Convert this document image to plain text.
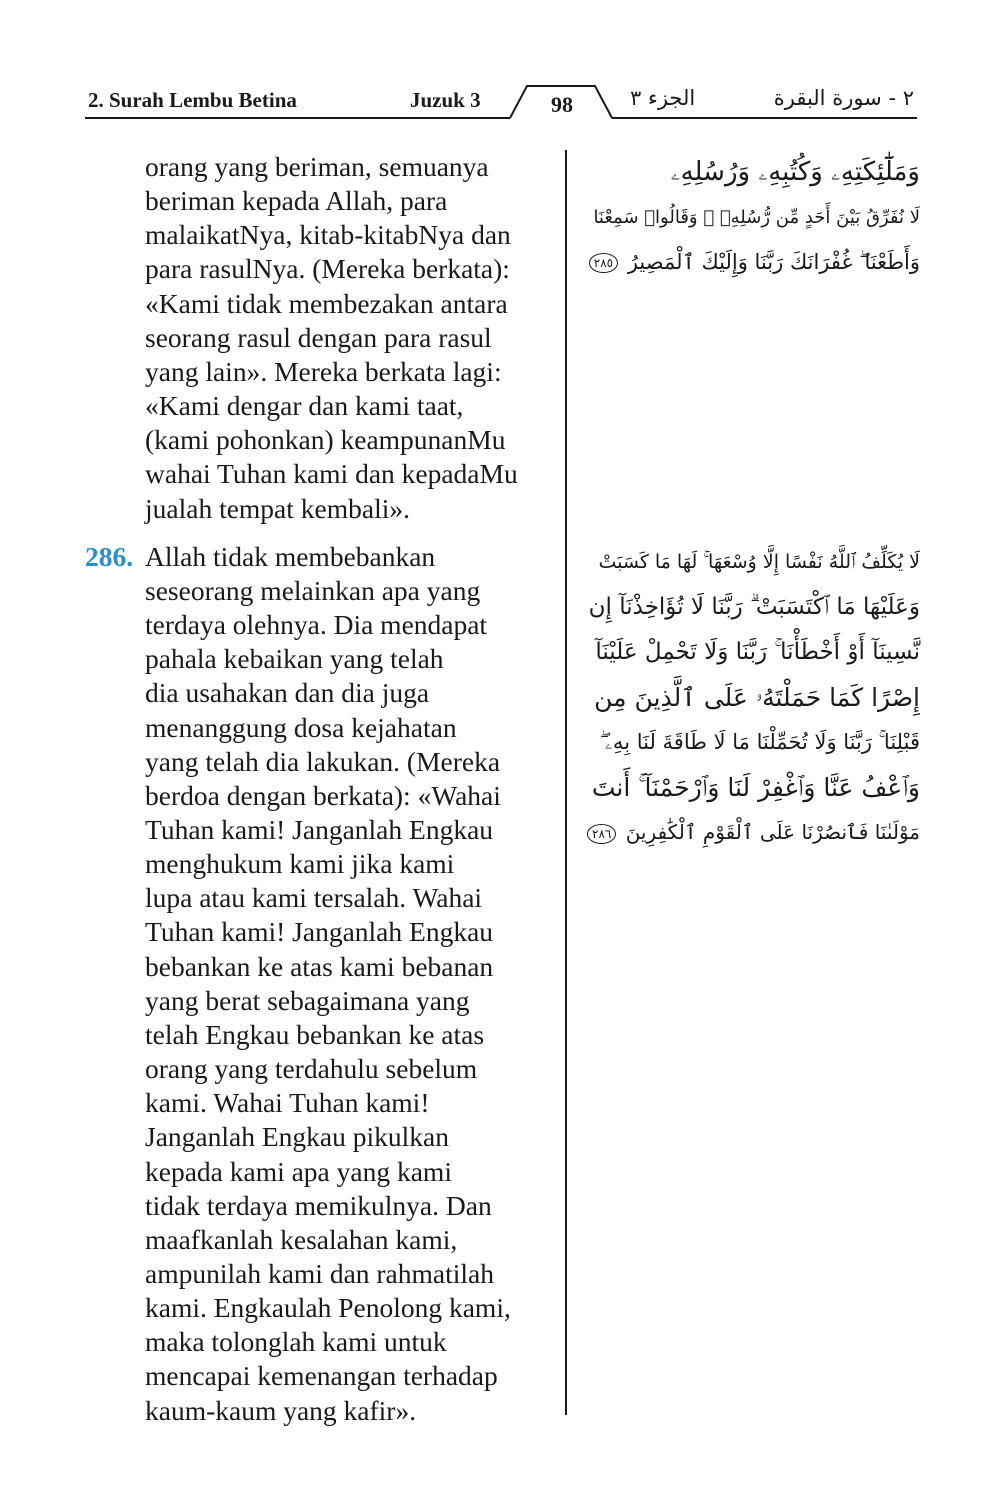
2. Surah Lembu Betina	Juzuk 3	98	الجزء ٣	٢ - سورة البقرة
orang yang beriman, semuanya
beriman kepada Allah, para
malaikatNya, kitab-kitabNya dan
para rasulNya. (Mereka berkata):
«Kami tidak membezakan antara
seorang rasul dengan para rasul
yang lain». Mereka berkata lagi:
«Kami dengar dan kami taat,
(kami pohonkan) keampunanMu
wahai Tuhan kami dan kepadaMu
jualah tempat kembali».
286. Allah tidak membebankan
seseorang melainkan apa yang
terdaya olehnya. Dia mendapat
pahala kebaikan yang telah
dia usahakan dan dia juga
menanggung dosa kejahatan
yang telah dia lakukan. (Mereka
berdoa dengan berkata): «Wahai
Tuhan kami! Janganlah Engkau
menghukum kami jika kami
lupa atau kami tersalah. Wahai
Tuhan kami! Janganlah Engkau
bebankan ke atas kami bebanan
yang berat sebagaimana yang
telah Engkau bebankan ke atas
orang yang terdahulu sebelum
kami. Wahai Tuhan kami!
Janganlah Engkau pikulkan
kepada kami apa yang kami
tidak terdaya memikulnya. Dan
maafkanlah kesalahan kami,
ampunilah kami dan rahmatilah
kami. Engkaulah Penolong kami,
maka tolonglah kami untuk
mencapai kemenangan terhadap
kaum-kaum yang kafir».
وَمَلَٰٓئِكَتِهِۦ وَكُتُبِهِۦ وَرُسُلِهِۦ
لَا نُفَرِّقُ بَيْنَ أَحَدٍ مِّن رُّسُلِهِۦ ۚ وَقَالُوا۟ سَمِعْنَا
وَأَطَعْنَا ۖ غُفْرَانَكَ رَبَّنَا وَإِلَيْكَ ٱلْمَصِيرُ ٢٨٥
لَا يُكَلِّفُ ٱللَّهُ نَفْسًا إِلَّا وُسْعَهَا ۚ لَهَا مَا كَسَبَتْ
وَعَلَيْهَا مَا ٱكْتَسَبَتْ ۗ رَبَّنَا لَا تُؤَاخِذْنَآ إِن
نَّسِينَآ أَوْ أَخْطَأْنَا ۚ رَبَّنَا وَلَا تَحْمِلْ عَلَيْنَآ
إِصْرًا كَمَا حَمَلْتَهُۥ عَلَى ٱلَّذِينَ مِن
قَبْلِنَا ۚ رَبَّنَا وَلَا تُحَمِّلْنَا مَا لَا طَاقَةَ لَنَا بِهِۦ ۖ
وَٱعْفُ عَنَّا وَٱغْفِرْ لَنَا وَٱرْحَمْنَآ ۚ أَنتَ
مَوْلَىٰنَا فَٱنصُرْنَا عَلَى ٱلْقَوْمِ ٱلْكَٰفِرِينَ ٢٨٦
